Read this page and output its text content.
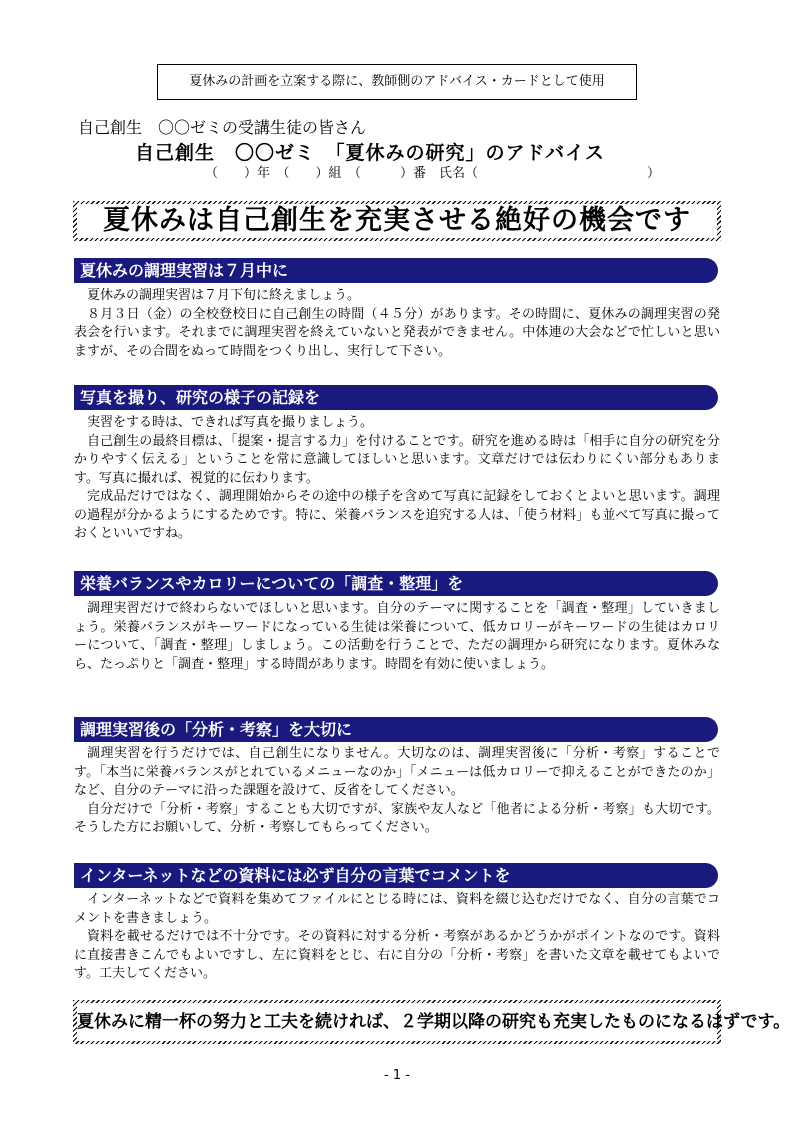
夏休みの計画を立案する際に、教師側のアドバイス・カードとして使用
自己創生　〇〇ゼミの受講生徒の皆さん
自己創生　〇〇ゼミ　「夏休みの研究」のアドバイス
（　　）年　（　　）組　（　　　）番　氏名（　　　　　　　　　　　　　）
夏休みは自己創生を充実させる絶好の機会です
夏休みの調理実習は７月中に

夏休みの調理実習は７月下旬に終えましょう。

８月３日（金）の全校登校日に自己創生の時間（４５分）があります。その時間に、夏休みの調理実習の発表会を行います。それまでに調理実習を終えていないと発表ができません。中体連の大会などで忙しいと思いますが、その合間をぬって時間をつくり出し、実行して下さい。

写真を撮り、研究の様子の記録を

実習をする時は、できれば写真を撮りましょう。

自己創生の最終目標は、「提案・提言する力」を付けることです。研究を進める時は「相手に自分の研究を分かりやすく伝える」ということを常に意識してほしいと思います。文章だけでは伝わりにくい部分もあります。写真に撮れば、視覚的に伝わります。

完成品だけではなく、調理開始からその途中の様子を含めて写真に記録をしておくとよいと思います。調理の過程が分かるようにするためです。特に、栄養バランスを追究する人は、「使う材料」も並べて写真に撮っておくといいですね。

栄養バランスやカロリーについての「調査・整理」を

調理実習だけで終わらないでほしいと思います。自分のテーマに関することを「調査・整理」していきましょう。栄養バランスがキーワードになっている生徒は栄養について、低カロリーがキーワードの生徒はカロリーについて、「調査・整理」しましょう。この活動を行うことで、ただの調理から研究になります。夏休みなら、たっぷりと「調査・整理」する時間があります。時間を有効に使いましょう。

調理実習後の「分析・考察」を大切に

調理実習を行うだけでは、自己創生になりません。大切なのは、調理実習後に「分析・考察」することです。「本当に栄養バランスがとれているメニューなのか」「メニューは低カロリーで抑えることができたのか」など、自分のテーマに沿った課題を設けて、反省をしてください。

自分だけで「分析・考察」することも大切ですが、家族や友人など「他者による分析・考察」も大切です。そうした方にお願いして、分析・考察してもらってください。

インターネットなどの資料には必ず自分の言葉でコメントを

インターネットなどで資料を集めてファイルにとじる時には、資料を綴じ込むだけでなく、自分の言葉でコメントを書きましょう。

資料を載せるだけでは不十分です。その資料に対する分析・考察があるかどうかがポイントなのです。資料に直接書きこんでもよいですし、左に資料をとじ、右に自分の「分析・考察」を書いた文章を載せてもよいです。工夫してください。

夏休みに精一杯の努力と工夫を続ければ、２学期以降の研究も充実したものになるはずです。
- 1 -
